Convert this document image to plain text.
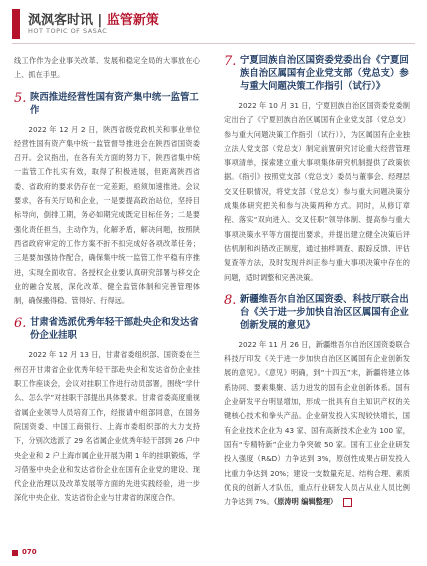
沨沨客时讯 | 监管新策
HOT TOPIC OF SASAC

线工作作为企业事关改革、发展和稳定全局的大事放在心上、抓在手里。

5. 陕西推进经营性国有资产集中统一监管工作

2022 年 12 月 2 日，陕西省级党政机关和事业单位经营性国有资产集中统一监管督导推进会在陕西省国资委召开。会议指出，在各有关方面的努力下，陕西省集中统一监管工作扎实有效，取得了积极进展，但距离陕西省委、省政府的要求仍存在一定差距，亟须加速推进。会议要求，各有关厅局和企业，一是要提高政治站位，坚持目标导向，倒排工期，务必如期完成既定目标任务；二是要强化责任担当，主动作为，化解矛盾，解决问题，按照陕西省政府审定的工作方案不折不扣完成好各项改革任务；三是要加强协作配合，确保集中统一监管工作平稳有序推进，实现全面收官。各授权企业要认真研究部署与移交企业的融合发展，深化改革、健全监管体制和完善管理体制，确保搬得稳、管得好、行得远。

6. 甘肃省选派优秀年轻干部赴央企和发达省份企业挂职

2022 年 12 月 13 日，甘肃省委组织部、国资委在兰州召开甘肃省企业优秀年轻干部赴央企和发达省份企业挂职工作座谈会，会议对挂职工作进行动员部署，围绕“学什么、怎么学”对挂职干部提出具体要求。甘肃省委高度重视省属企业领导人员培育工作，经报请中组部同意，在国务院国资委、中国工商银行、上海市委组织部的大力支持下，分别次选派了 29 名省属企业优秀年轻干部到 26 户中央企业和 2 户上海市属企业开展为期 1 年的挂职锻炼，学习借鉴中央企业和发达省份企业在国有企业党的建设、现代企业治理以及改革发展等方面的先进实践经验，进一步深化中央企业、发达省份企业与甘肃省的深度合作。

7. 宁夏回族自治区国资委党委出台《宁夏回族自治区属国有企业党支部（党总支）参与重大问题决策工作指引（试行）》

2022 年 10 月 31 日，宁夏回族自治区国资委党委制定出台了《宁夏回族自治区属国有企业党支部（党总支）参与重大问题决策工作指引（试行）》，为区属国有企业独立法人党支部（党总支）制定前置研究讨论重大经营管理事项清单，探索建立重大事项集体研究机制提供了政策依据。《指引》按照党支部（党总支）委员与董事会、经理层交叉任职情况，将党支部（党总支）参与重大问题决策分成集体研究把关和参与决策两种方式。同时，从修订章程、落实“双向进入、交叉任职”领导体制、提高参与重大事项决策水平等方面提出要求，并提出建立健全决策后评估机制和纠错改正制度，通过抽样调查、跟踪反馈、评估复查等方法，及时发现并纠正参与重大事项决策中存在的问题，适时调整和完善决策。

8. 新疆维吾尔自治区国资委、科技厅联合出台《关于进一步加快自治区区属国有企业创新发展的意见》

2022 年 11 月 26 日，新疆维吾尔自治区国资委联合科技厅印发《关于进一步加快自治区区属国有企业创新发展的意见》。《意见》明确，到“十四五”末，新疆将建立体系协同、要素集聚、活力迸发的国有企业创新体系。国有企业研发平台明显增加，形成一批具有自主知识产权的关键核心技术和拳头产品。企业研发投入实现较快增长，国有企业技术企业为 43 家、国有高新技术企业为 100 家，国有“专精特新”企业力争突破 50 家。国有工业企业研发投入强度（R&D）力争达到 3%，原创性成果占研发投入比重力争达到 20%；建设一支数量充足、结构合理、素质优良的创新人才队伍，重点行业研发人员占从业人员比例力争达到 7%。（原涛明 编辑整理）

070
